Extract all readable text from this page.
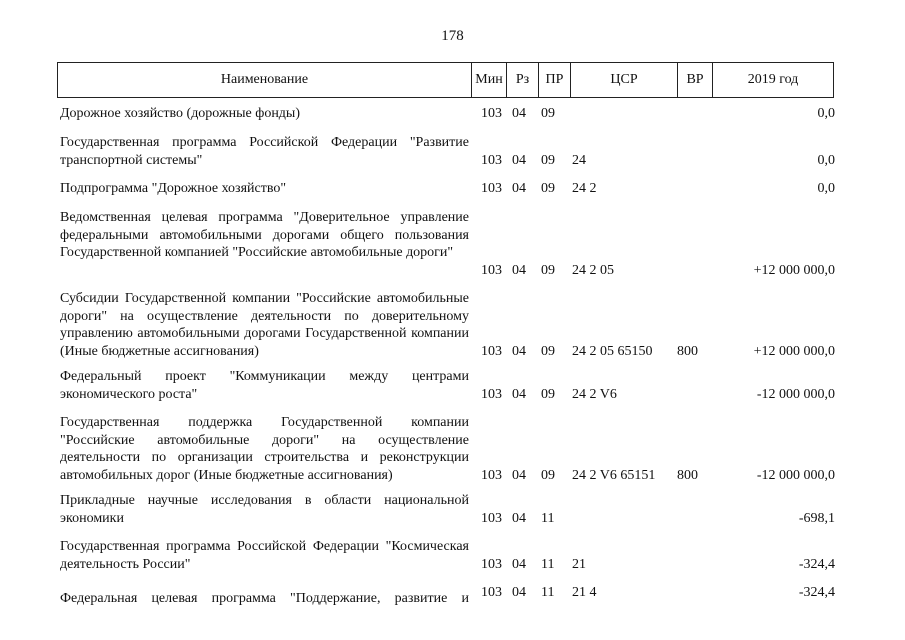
178
Наименование	Мин Рз	ПР	ЦСР	ВР	2019 год
Дорожное хозяйство (дорожные фонды)	103 04 09	0,0
Государственная программа Российской Федерации "Развитие транспортной системы"	103 04 09 24	0,0
Подпрограмма "Дорожное хозяйство"	103 04 09 24 2	0,0
Ведомственная целевая программа "Доверительное управление федеральными автомобильными дорогами общего пользования Государственной компанией "Российские автомобильные дороги"
103 04 09 24 2 05	+12 000 000,0
Субсидии Государственной компании "Российские автомобильные дороги" на осуществление деятельности по доверительному управлению автомобильными дорогами Государственной компании (Иные бюджетные ассигнования)	103 04 09 24 2 05 65150 800	+12 000 000,0
Федеральный проект "Коммуникации между центрами экономического роста"	103 04 09 24 2 V6	-12 000 000,0
Государственная поддержка Государственной компании "Российские автомобильные дороги" на осуществление деятельности по организации строительства и реконструкции автомобильных дорог (Иные бюджетные ассигнования)	103 04 09 24 2 V6 65151 800	-12 000 000,0
Прикладные научные исследования в области национальной экономики	103 04 11	-698,1
Государственная программа Российской Федерации "Космическая деятельность России"	103 04 11 21	-324,4
Федеральная целевая программа "Поддержание, развитие и 103 04 11 21 4	-324,4
